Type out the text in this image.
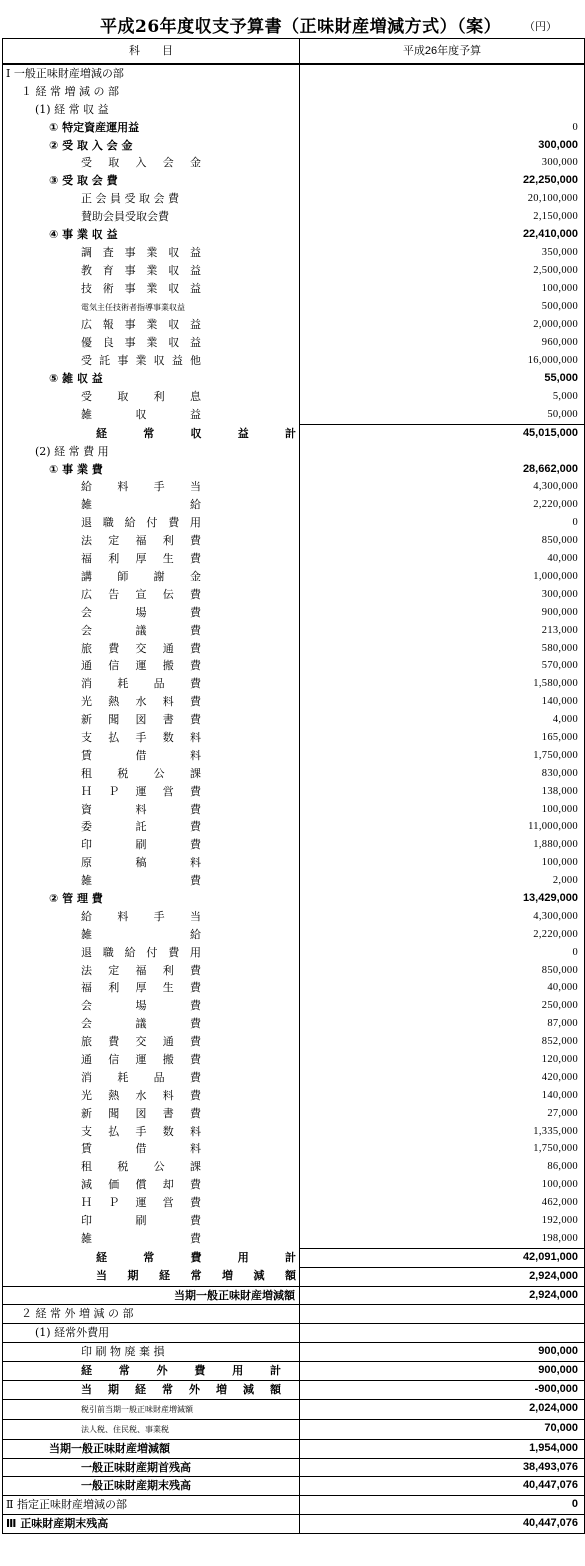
平成26年度収支予算書（正味財産増減方式）（案） （円）
科　　目	平成26年度予算
Ⅰ 一般正味財産増減の部	
１ 経 常 増 減 の 部	
(1) 経 常 収 益	
① 特定資産運用益	0
② 受 取 入 会 金	300,000
受取入会金	300,000
③ 受 取 会 費	22,250,000
正 会 員 受 取 会 費	20,100,000
賛助会員受取会費	2,150,000
④ 事 業 収 益	22,410,000
調査事業収益	350,000
教育事業収益	2,500,000
技術事業収益	100,000
電気主任技術者指導事業収益	500,000
広報事業収益	2,000,000
優良事業収益	960,000
受託事業収益他	16,000,000
⑤ 雑 収 益	55,000
受取利息	5,000
雑収益	50,000
経常収益計	45,015,000
(2) 経 常 費 用	
① 事 業 費	28,662,000
給料手当	4,300,000
雑給	2,220,000
退職給付費用	0
法定福利費	850,000
福利厚生費	40,000
講師謝金	1,000,000
広告宣伝費	300,000
会場費	900,000
会議費	213,000
旅費交通費	580,000
通信運搬費	570,000
消耗品費	1,580,000
光熱水料費	140,000
新聞図書費	4,000
支払手数料	165,000
賃借料	1,750,000
租税公課	830,000
ＨＰ運営費	138,000
資料費	100,000
委託費	11,000,000
印刷費	1,880,000
原稿料	100,000
雑費	2,000
② 管 理 費	13,429,000
給料手当	4,300,000
雑給	2,220,000
退職給付費用	0
法定福利費	850,000
福利厚生費	40,000
会場費	250,000
会議費	87,000
旅費交通費	852,000
通信運搬費	120,000
消耗品費	420,000
光熱水料費	140,000
新聞図書費	27,000
支払手数料	1,335,000
賃借料	1,750,000
租税公課	86,000
減価償却費	100,000
ＨＰ運営費	462,000
印刷費	192,000
雑費	198,000
経常費用計	42,091,000
当期経常増減額	2,924,000
当期一般正味財産増減額	2,924,000
２ 経 常 外 増 減 の 部	
(1) 経常外費用	
印 刷 物 廃 棄 損	900,000
経常外費用計	900,000
当期経常外増減額	-900,000
税引前当期一般正味財産増減額	2,024,000
法人税、住民税、事業税	70,000
当期一般正味財産増減額	1,954,000
一般正味財産期首残高	38,493,076
一般正味財産期末残高	40,447,076
Ⅱ 指定正味財産増減の部	0
Ⅲ 正味財産期末残高	40,447,076
